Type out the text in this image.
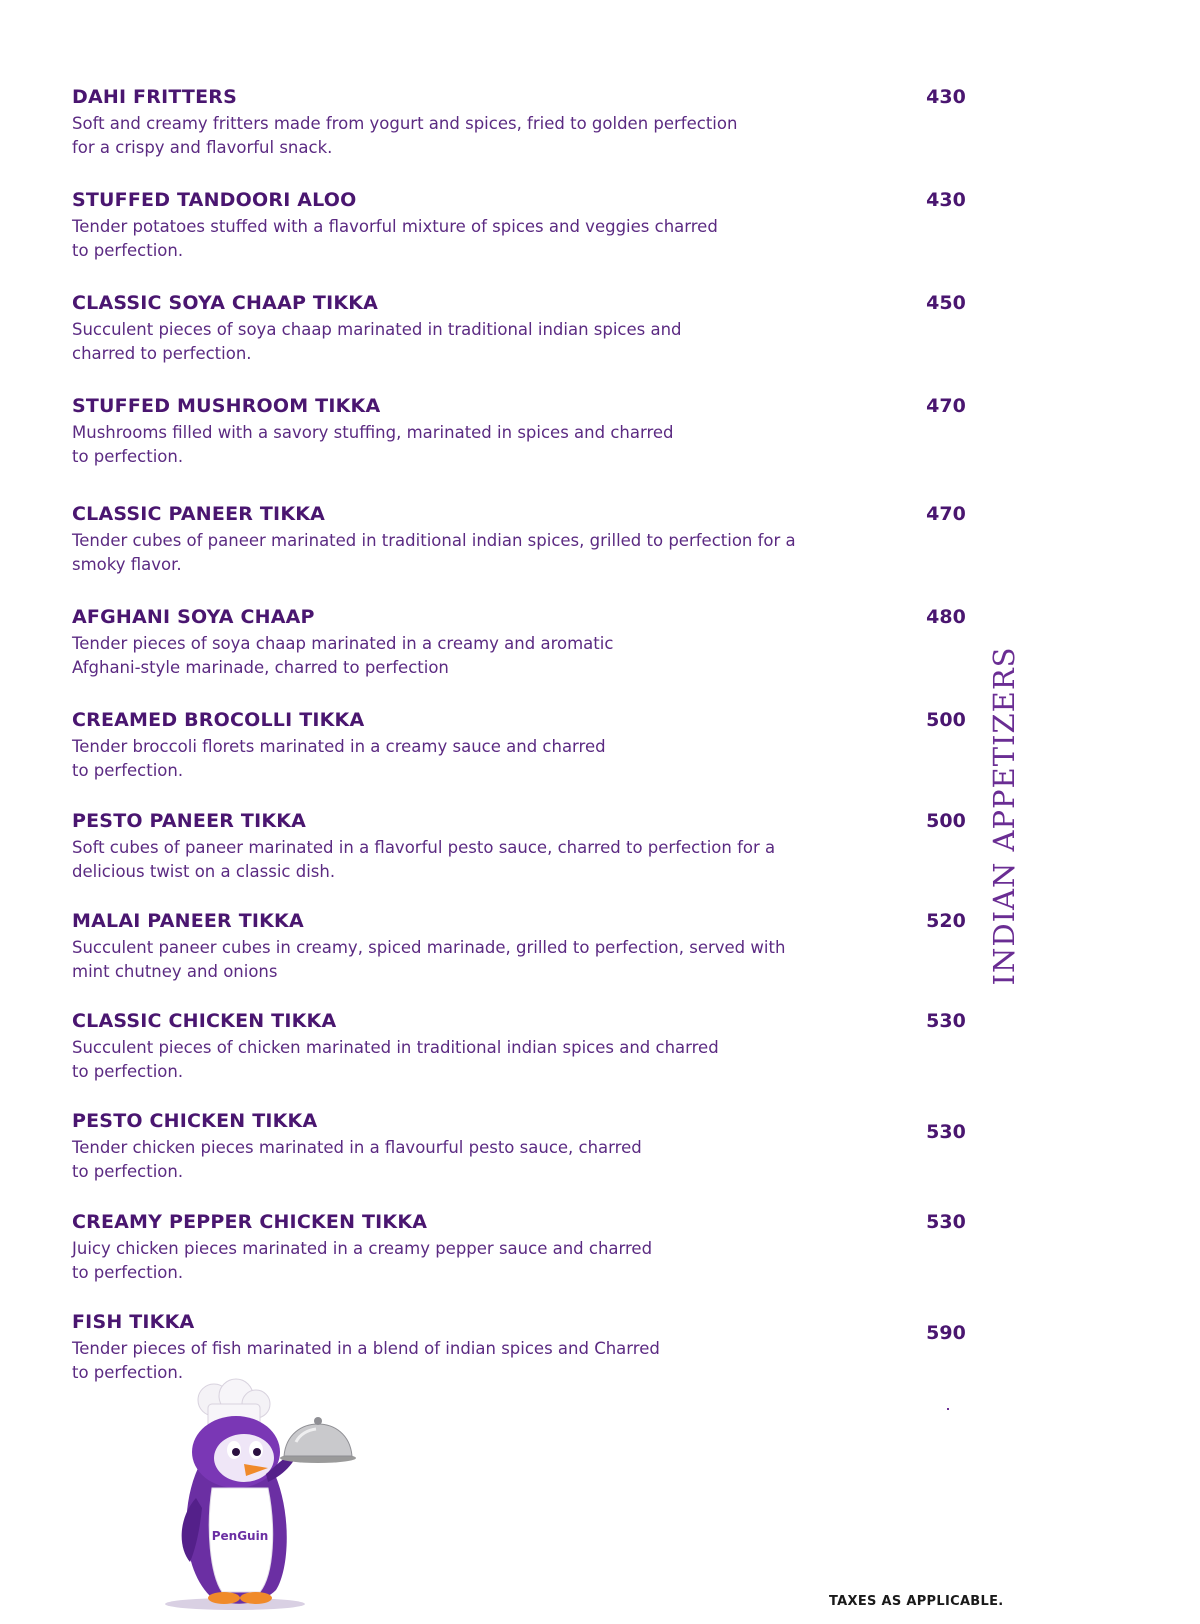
DAHI FRITTERS	430
Soft and creamy fritters made from yogurt and spices, fried to golden perfection
for a crispy and flavorful snack.
STUFFED TANDOORI ALOO	430
Tender potatoes stuffed with a flavorful mixture of spices and veggies charred
to perfection.
CLASSIC SOYA CHAAP TIKKA	450
Succulent pieces of soya chaap marinated in traditional indian spices and
charred to perfection.
STUFFED MUSHROOM TIKKA	470
Mushrooms filled with a savory stuffing, marinated in spices and charred
to perfection.
CLASSIC PANEER TIKKA	470
Tender cubes of paneer marinated in traditional indian spices, grilled to perfection for a
smoky flavor.
AFGHANI SOYA CHAAP	480
Tender pieces of soya chaap marinated in a creamy and aromatic
Afghani-style marinade, charred to perfection
CREAMED BROCOLLI TIKKA	500
Tender broccoli florets marinated in a creamy sauce and charred
to perfection.
PESTO PANEER TIKKA	500
Soft cubes of paneer marinated in a flavorful pesto sauce, charred to perfection for a
delicious twist on a classic dish.
MALAI PANEER TIKKA	520
Succulent paneer cubes in creamy, spiced marinade, grilled to perfection, served with
mint chutney and onions
CLASSIC CHICKEN TIKKA	530
Succulent pieces of chicken marinated in traditional indian spices and charred
to perfection.
PESTO CHICKEN TIKKA	530
Tender chicken pieces marinated in a flavourful pesto sauce, charred
to perfection.
CREAMY PEPPER CHICKEN TIKKA	530
Juicy chicken pieces marinated in a creamy pepper sauce and charred
to perfection.
FISH TIKKA	590
Tender pieces of fish marinated in a blend of indian spices and Charred
to perfection.
INDIAN APPETIZERS
PenGuin
TAXES AS APPLICABLE.
